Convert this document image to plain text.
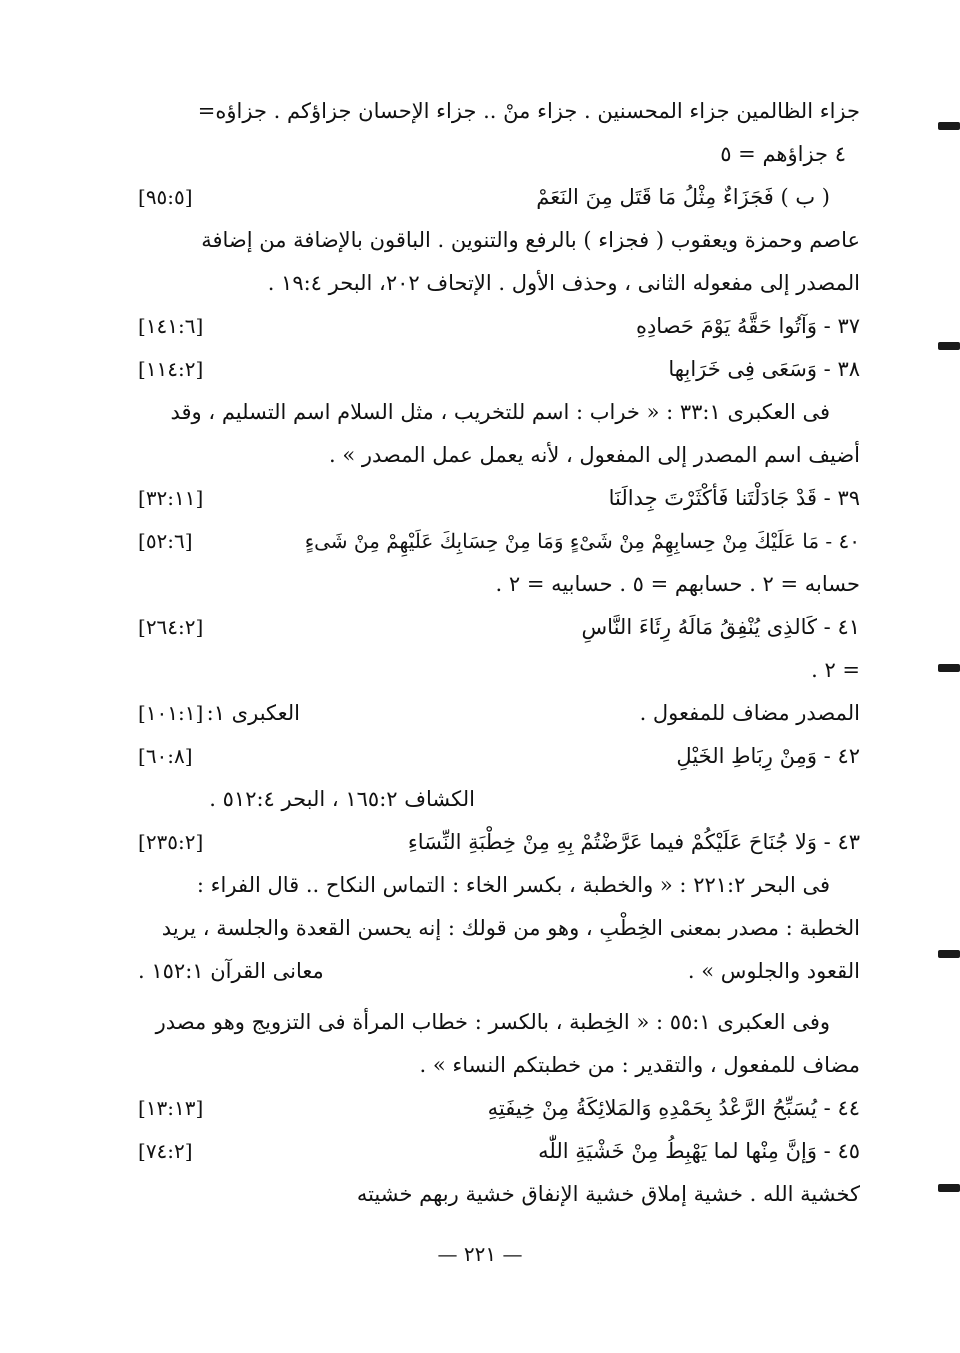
جزاء الظالمين جزاء المحسنين . جزاء منْ .. جزاء الإحسان جزاؤكم . جزاؤه=
٤ جزاؤهم = ٥
( ب ) فَجَزَاءٌ مِثْلُ مَا قَتَل مِنَ النَعَمْ
[٩٥:٥]
عاصم وحمزة ويعقوب ( فجزاء ) بالرفع والتنوين . الباقون بالإضافة من إضافة
المصدر إلى مفعوله الثانى ، وحذف الأول . الإتحاف ٢٠٢، البحر ١٩:٤ .
٣٧ - وَآتُوا حَقَّهُ يَوْمَ حَصادِهِ
[١٤١:٦]
٣٨ - وَسَعَى فِى خَرَابِها
[١١٤:٢]
فى العكبرى ٣٣:١ : « خراب : اسم للتخريب ، مثل السلام اسم التسليم ، وقد
أضيف اسم المصدر إلى المفعول ، لأنه يعمل عمل المصدر » .
٣٩ - قَدْ جَادَلْتَنا فَأكْثَرْتَ جِدالَنَا
[٣٢:١١]
٤٠ - مَا عَلَيْكَ مِنْ حِسابِهِمْ مِنْ شَىْءٍ وَمَا مِنْ حِسَابِكَ عَلَيْهِمْ مِنْ شَىءٍ
[٥٢:٦]
حسابه = ٢ . حسابهم = ٥ . حسابيه = ٢ .
٤١ - كَالذِى يُنْفِقُ مَالَهُ رِئَاءَ النَّاسِ
[٢٦٤:٢]
= ٢ .
المصدر مضاف للمفعول .
العكبرى ١:
[١٠١:١]
٤٢ - وَمِنْ رِبَاطِ الخَيْلِ
[٦٠:٨]
الكشاف ١٦٥:٢ ، البحر ٥١٢:٤ .
٤٣ - وَلا جُنَاحَ عَلَيْكُمْ فيما عَرَّضْتُمْ بِهِ مِنْ خِطْبَةِ النِّسَاءِ
[٢٣٥:٢]
فى البحر ٢٢١:٢ : « والخطبة ، بكسر الخاء : التماس النكاح .. قال الفراء :
الخطبة : مصدر بمعنى الخِطْبِ ، وهو من قولك : إنه يحسن القعدة والجلسة ، يريد
القعود والجلوس » .
معانى القرآن ١٥٢:١ .
وفى العكبرى ٥٥:١ : « الخِطبة ، بالكسر : خطاب المرأة فى التزويج وهو مصدر
مضاف للمفعول ، والتقدير : من خطبتكم النساء » .
٤٤ - يُسَبِّحُ الرَّعْدُ بِحَمْدِهِ وَالمَلائِكَةُ مِنْ خِيفَتِهِ
[١٣:١٣]
٤٥ - وَإنَّ مِنْها لما يَهْبِطُ مِنْ خَشْيَةِ اللّٰه
[٧٤:٢]
كخشية الله . خشية إملاق خشية الإنفاق خشية ربهم خشيته
— ٢٢١ —
